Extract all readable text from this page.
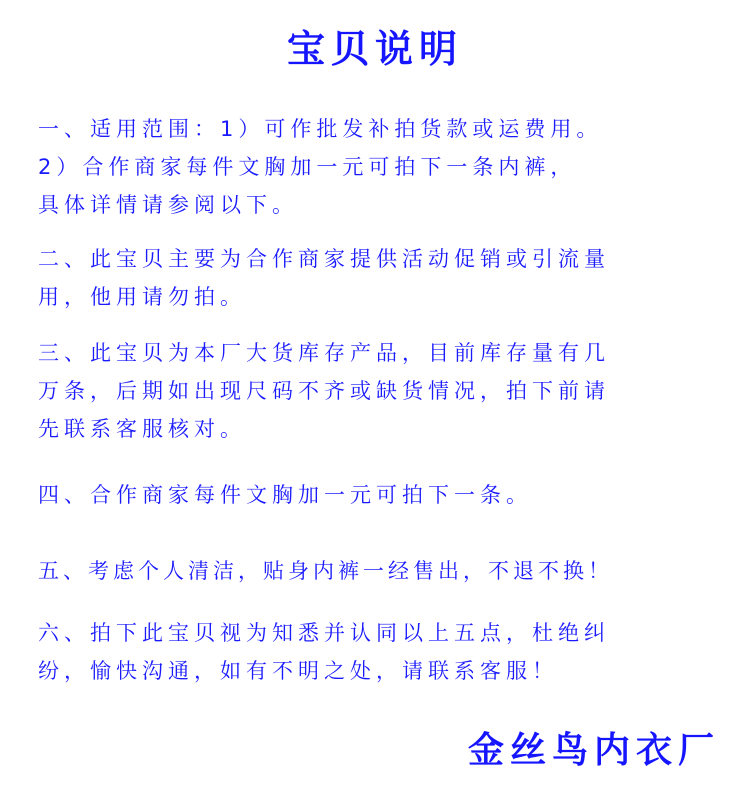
宝贝说明
一、适用范围：1）可作批发补拍货款或运费用。
2）合作商家每件文胸加一元可拍下一条内裤，
具体详情请参阅以下。
二、此宝贝主要为合作商家提供活动促销或引流量
用，他用请勿拍。
三、此宝贝为本厂大货库存产品，目前库存量有几
万条，后期如出现尺码不齐或缺货情况，拍下前请
先联系客服核对。
四、合作商家每件文胸加一元可拍下一条。
五、考虑个人清洁，贴身内裤一经售出，不退不换！
六、拍下此宝贝视为知悉并认同以上五点，杜绝纠
纷，愉快沟通，如有不明之处，请联系客服！
金丝鸟内衣厂
